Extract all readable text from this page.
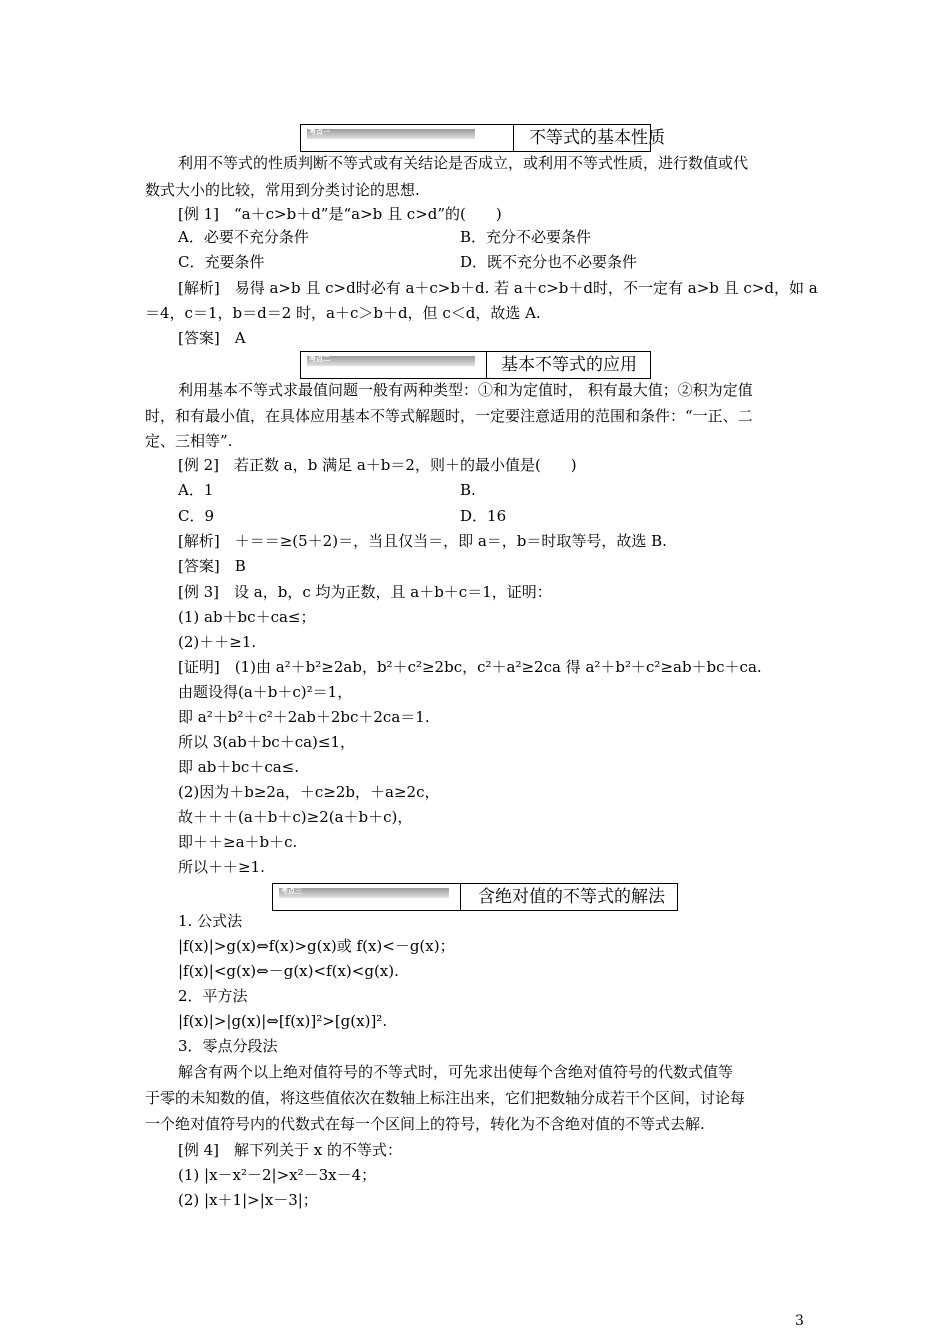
考点一	不等式的基本性质
利用不等式的性质判断不等式或有关结论是否成立，或利用不等式性质，进行数值或代
数式大小的比较，常用到分类讨论的思想.
[例 1]　“a＋c>b＋d”是“a>b 且 c>d”的(　　)
A．必要不充分条件	B．充分不必要条件
C．充要条件	D．既不充分也不必要条件
[解析]　易得 a>b 且 c>d时必有 a＋c>b＋d. 若 a＋c>b＋d时，不一定有 a>b 且 c>d，如 a
＝4，c＝1，b＝d＝2 时，a＋c＞b＋d，但 c＜d，故选 A.
[答案]　A
考点二	基本不等式的应用
利用基本不等式求最值问题一般有两种类型：①和为定值时， 积有最大值；②积为定值
时，和有最小值，在具体应用基本不等式解题时，一定要注意适用的范围和条件：“一正、二
定、三相等”.
[例 2]　若正数 a，b 满足 a＋b＝2，则＋的最小值是(　　)
A．1	B.
C．9	D．16
[解析]　＋＝＝≥(5＋2)＝，当且仅当＝，即 a＝，b＝时取等号，故选 B.
[答案]　B
[例 3]　设 a，b，c 均为正数，且 a＋b＋c＝1，证明：
(1) ab＋bc＋ca≤；
(2)＋＋≥1.
[证明]　(1)由 a²＋b²≥2ab，b²＋c²≥2bc，c²＋a²≥2ca 得 a²＋b²＋c²≥ab＋bc＋ca.
由题设得(a＋b＋c)²＝1，
即 a²＋b²＋c²＋2ab＋2bc＋2ca＝1.
所以 3(ab＋bc＋ca)≤1，
即 ab＋bc＋ca≤.
(2)因为＋b≥2a，＋c≥2b，＋a≥2c，
故＋＋＋(a＋b＋c)≥2(a＋b＋c)，
即＋＋≥a＋b＋c.
所以＋＋≥1.
考点三	含绝对值的不等式的解法
1. 公式法
|f(x)|>g(x)⇔f(x)>g(x)或 f(x)<－g(x)；
|f(x)|<g(x)⇔－g(x)<f(x)<g(x).
2．平方法
|f(x)|>|g(x)|⇔[f(x)]²>[g(x)]².
3．零点分段法
解含有两个以上绝对值符号的不等式时，可先求出使每个含绝对值符号的代数式值等
于零的未知数的值，将这些值依次在数轴上标注出来，它们把数轴分成若干个区间，讨论每
一个绝对值符号内的代数式在每一个区间上的符号，转化为不含绝对值的不等式去解.
[例 4]　解下列关于 x 的不等式：
(1) |x－x²－2|>x²－3x－4；
(2) |x＋1|>|x－3|；
3
